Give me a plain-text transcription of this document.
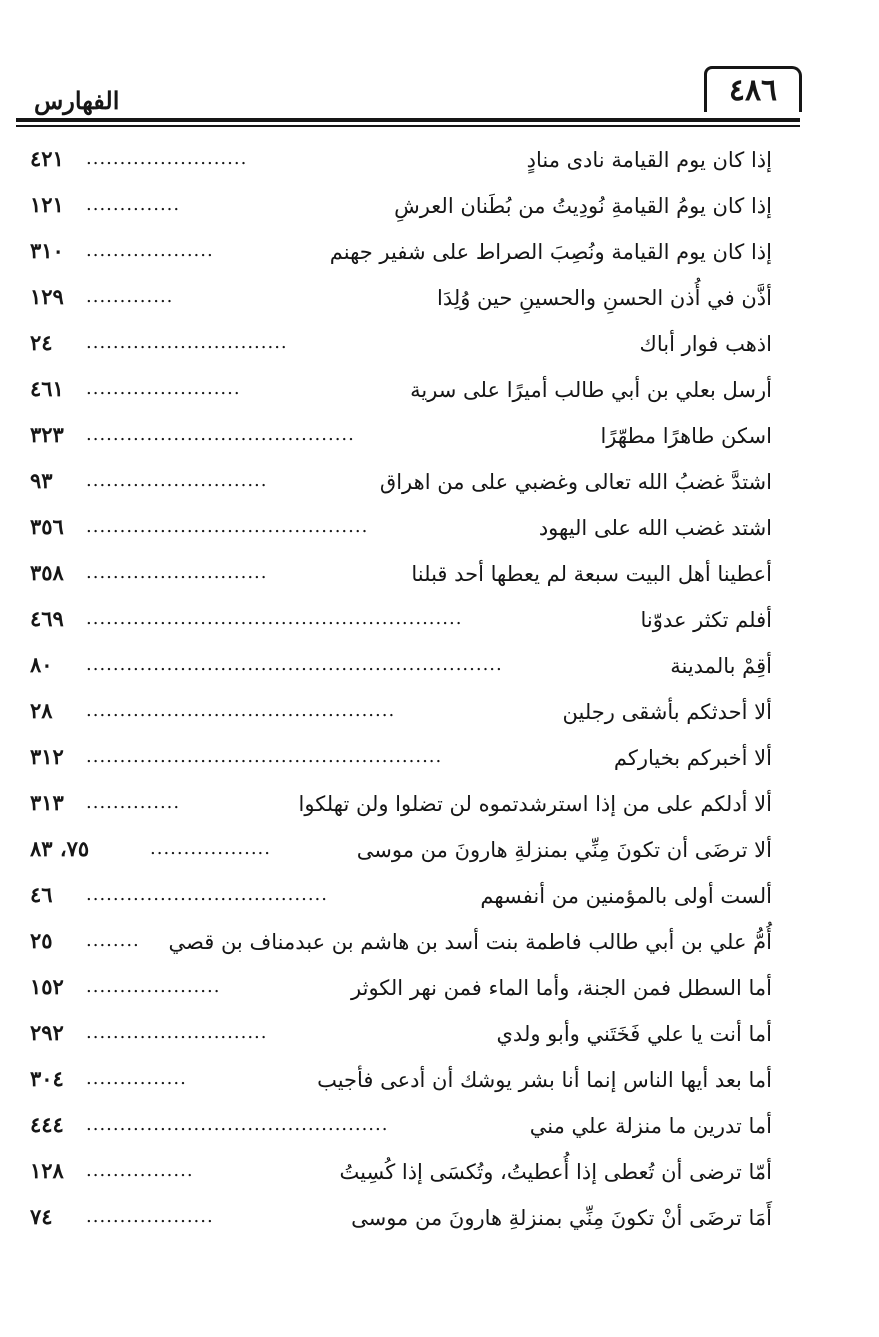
الفهارس	٤٨٦
إذا كان يوم القيامة نادى منادٍ
........................
٤٢١
إذا كان يومُ القيامةِ نُودِيتُ من بُطَنان العرشِ
..............
١٢١
إذا كان يوم القيامة ونُصِبَ الصراط على شفير جهنم
...................
٣١٠
أذَّن في أُذن الحسنِ والحسينِ حين وُلِدَا
.............
١٢٩
اذهب فوار أباك
..............................
٢٤
أرسل بعلي بن أبي طالب أميرًا على سرية
.......................
٤٦١
اسكن طاهرًا مطهّرًا
........................................
٣٢٣
اشتدَّ غضبُ الله تعالى وغضبي على من اهراق
...........................
٩٣
اشتد غضب الله على اليهود
..........................................
٣٥٦
أعطينا أهل البيت سبعة لم يعطها أحد قبلنا
...........................
٣٥٨
أفلم تكثر عدوّنا
........................................................
٤٦٩
أقِمْ بالمدينة
..............................................................
٨٠
ألا أحدثكم بأشقى رجلين
..............................................
٢٨
ألا أخبركم بخياركم
.....................................................
٣١٢
ألا أدلكم على من إذا استرشدتموه لن تضلوا ولن تهلكوا
..............
٣١٣
ألا ترضَى أن تكونَ مِنِّي بمنزلةِ هارونَ من موسى
..................
٧٥، ٨٣
ألست أولى بالمؤمنين من أنفسهم
....................................
٤٦
أُمُّ علي بن أبي طالب فاطمة بنت أسد بن هاشم بن عبدمناف بن قصي
........
٢٥
أما السطل فمن الجنة، وأما الماء فمن نهر الكوثر
....................
١٥٢
أما أنت يا علي فَخَتَني وأبو ولدي
...........................
٢٩٢
أما بعد أيها الناس إنما أنا بشر يوشك أن أدعى فأجيب
...............
٣٠٤
أما تدرين ما منزلة علي مني
.............................................
٤٤٤
أمّا ترضى أن تُعطى إذا أُعطيتُ، وتُكسَى إذا كُسِيتُ
................
١٢٨
أَمَا ترضَى أنْ تكونَ مِنِّي بمنزلةِ هارونَ من موسى
...................
٧٤
